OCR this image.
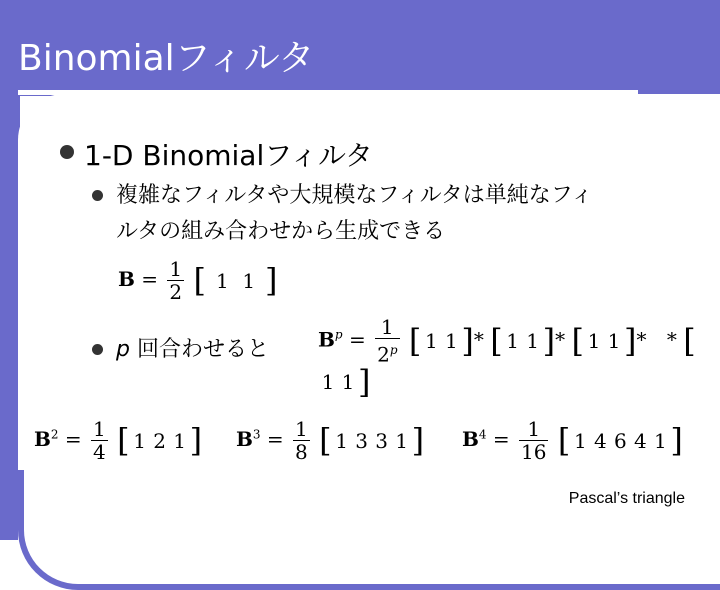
Binomialフィルタ
1-D Binomialフィルタ
複雑なフィルタや大規模なフィルタは単純なフィ
ルタの組み合わせから生成できる
$B = \frac{1}{2}$ [ 1 1 ]
p 回合わせると $B^p = \frac{1}{2^p}$ [ 1 1 ]* [ 1 1 ]* [ 1 1 ]* * [1 1 ]
$B^2 = \frac{1}{4}$ [ 1 2 1 ] $B^3 = \frac{1}{8}$ [ 1 3 3 1 ] $B^4 = \frac{1}{16}$ [ 1 4 6 4 1 ]
Pascal’s triangle
